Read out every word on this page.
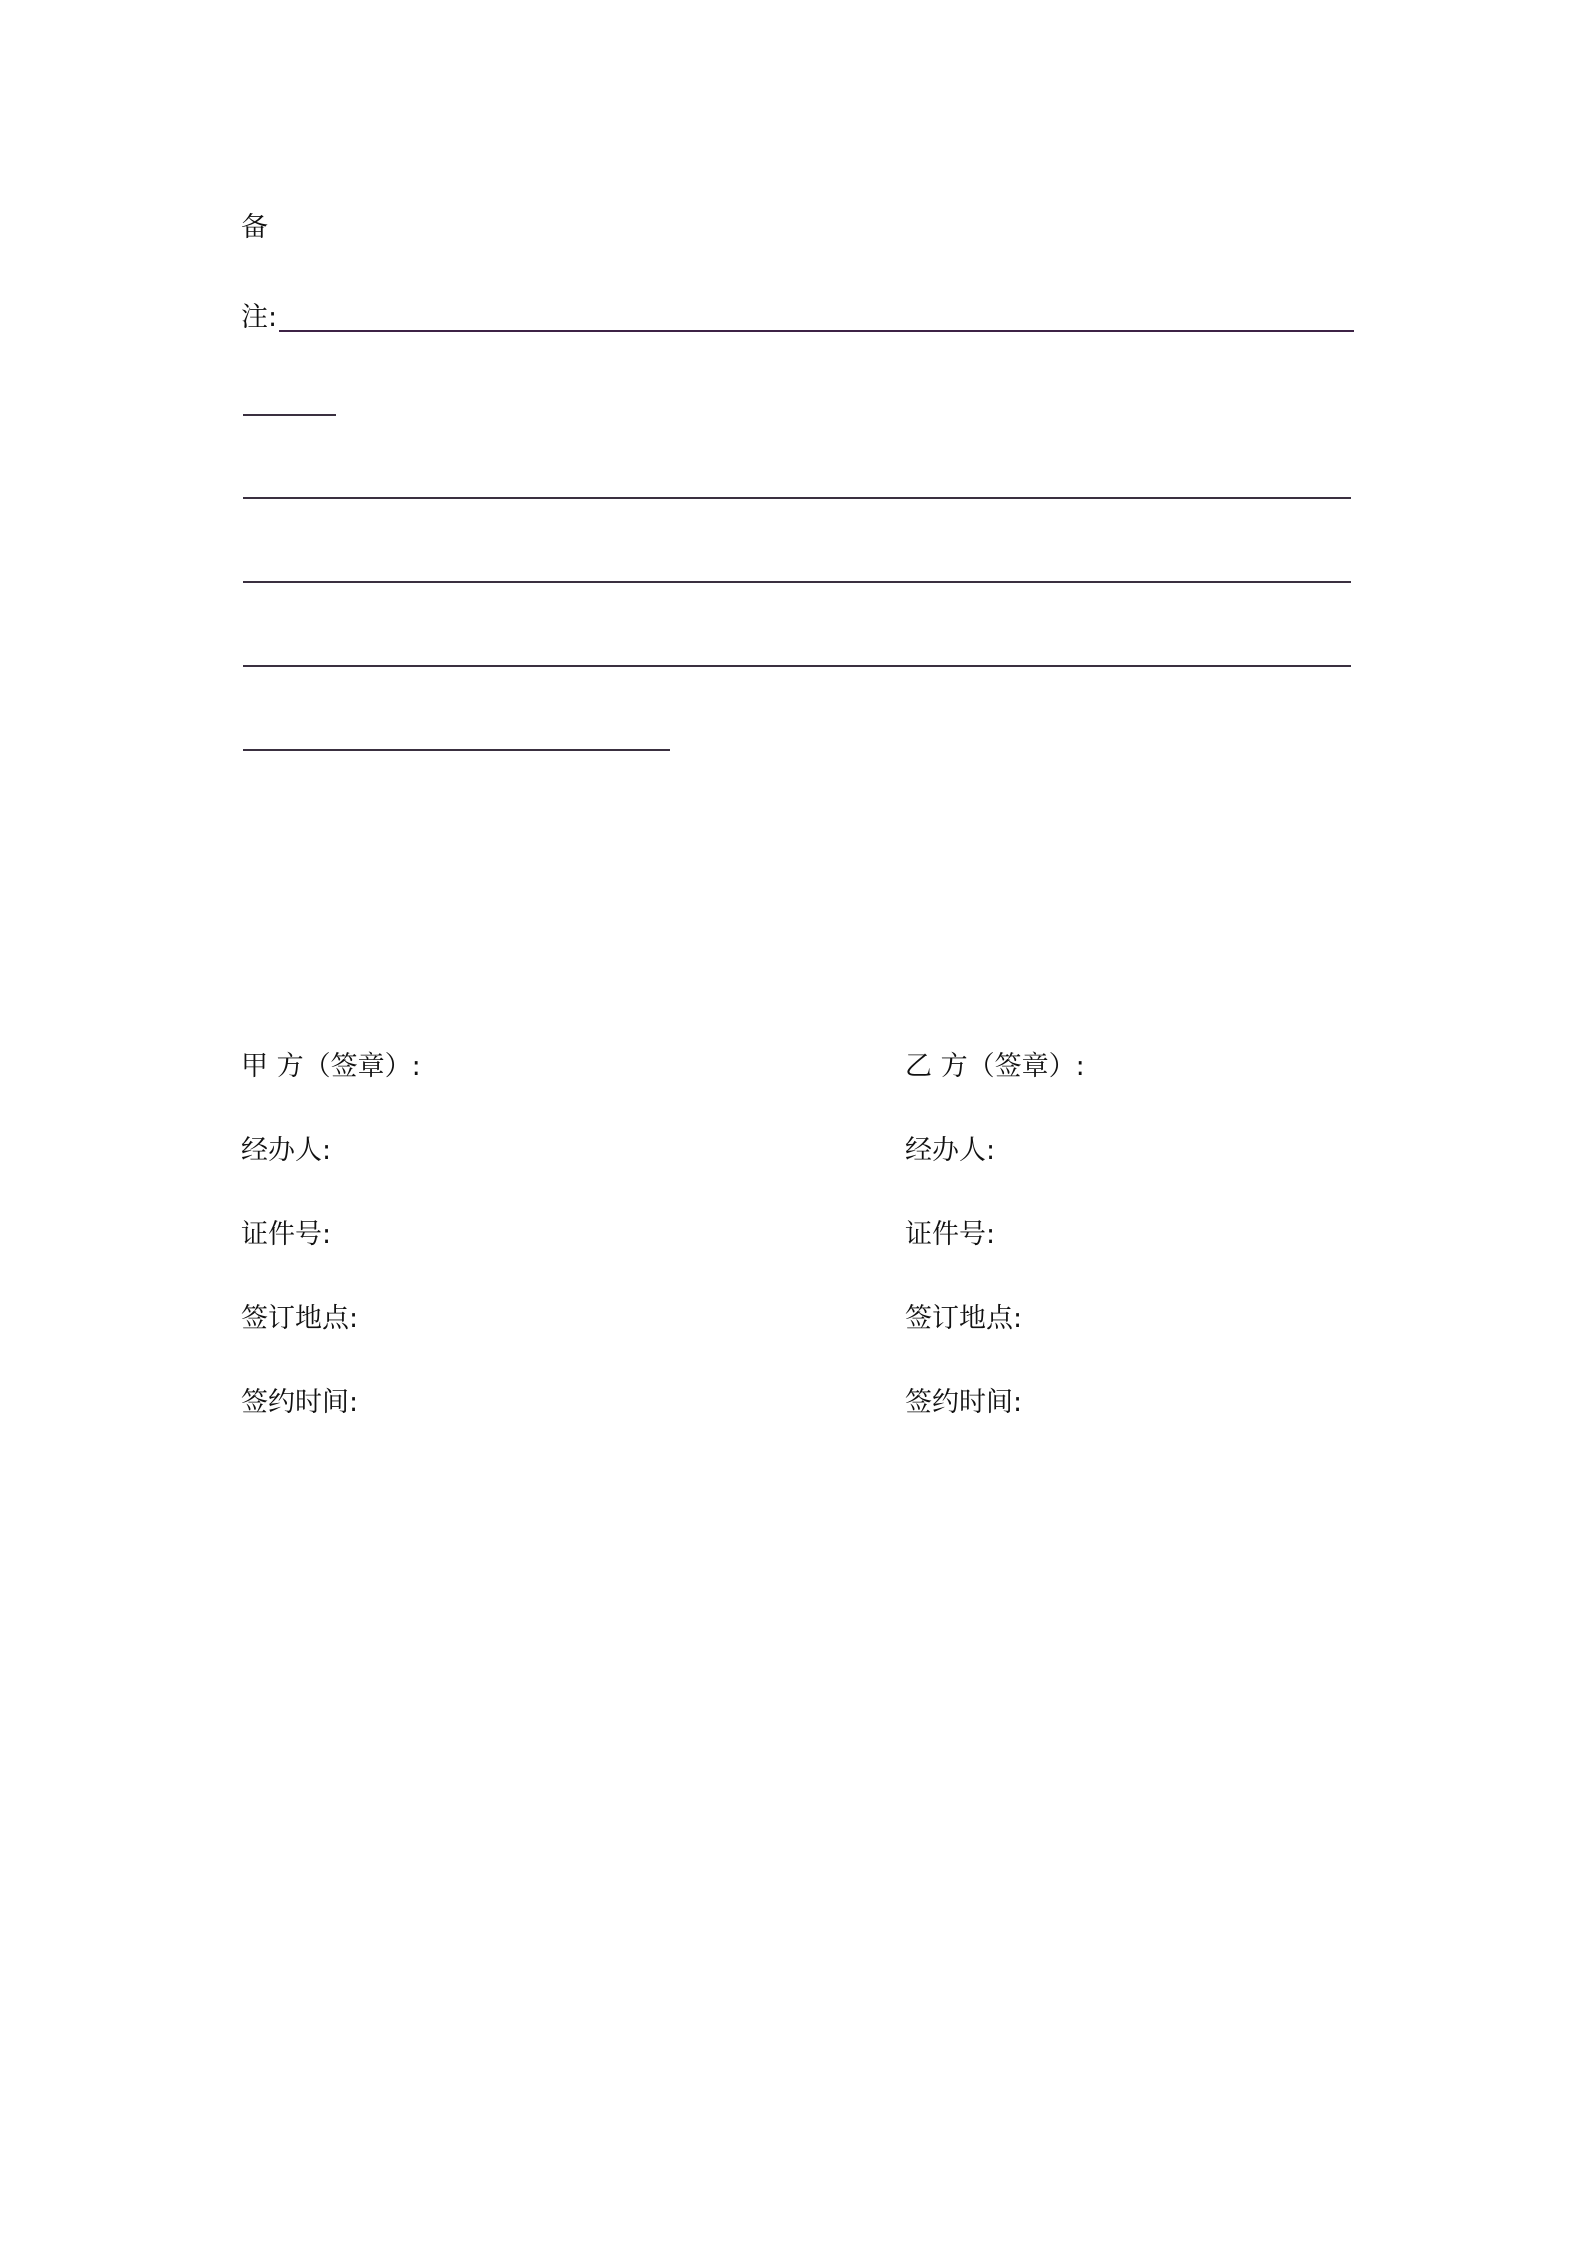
备
注:
甲 方（签章）:
经办人:
证件号:
签订地点:
签约时间:
乙 方（签章）:
经办人:
证件号:
签订地点:
签约时间:
